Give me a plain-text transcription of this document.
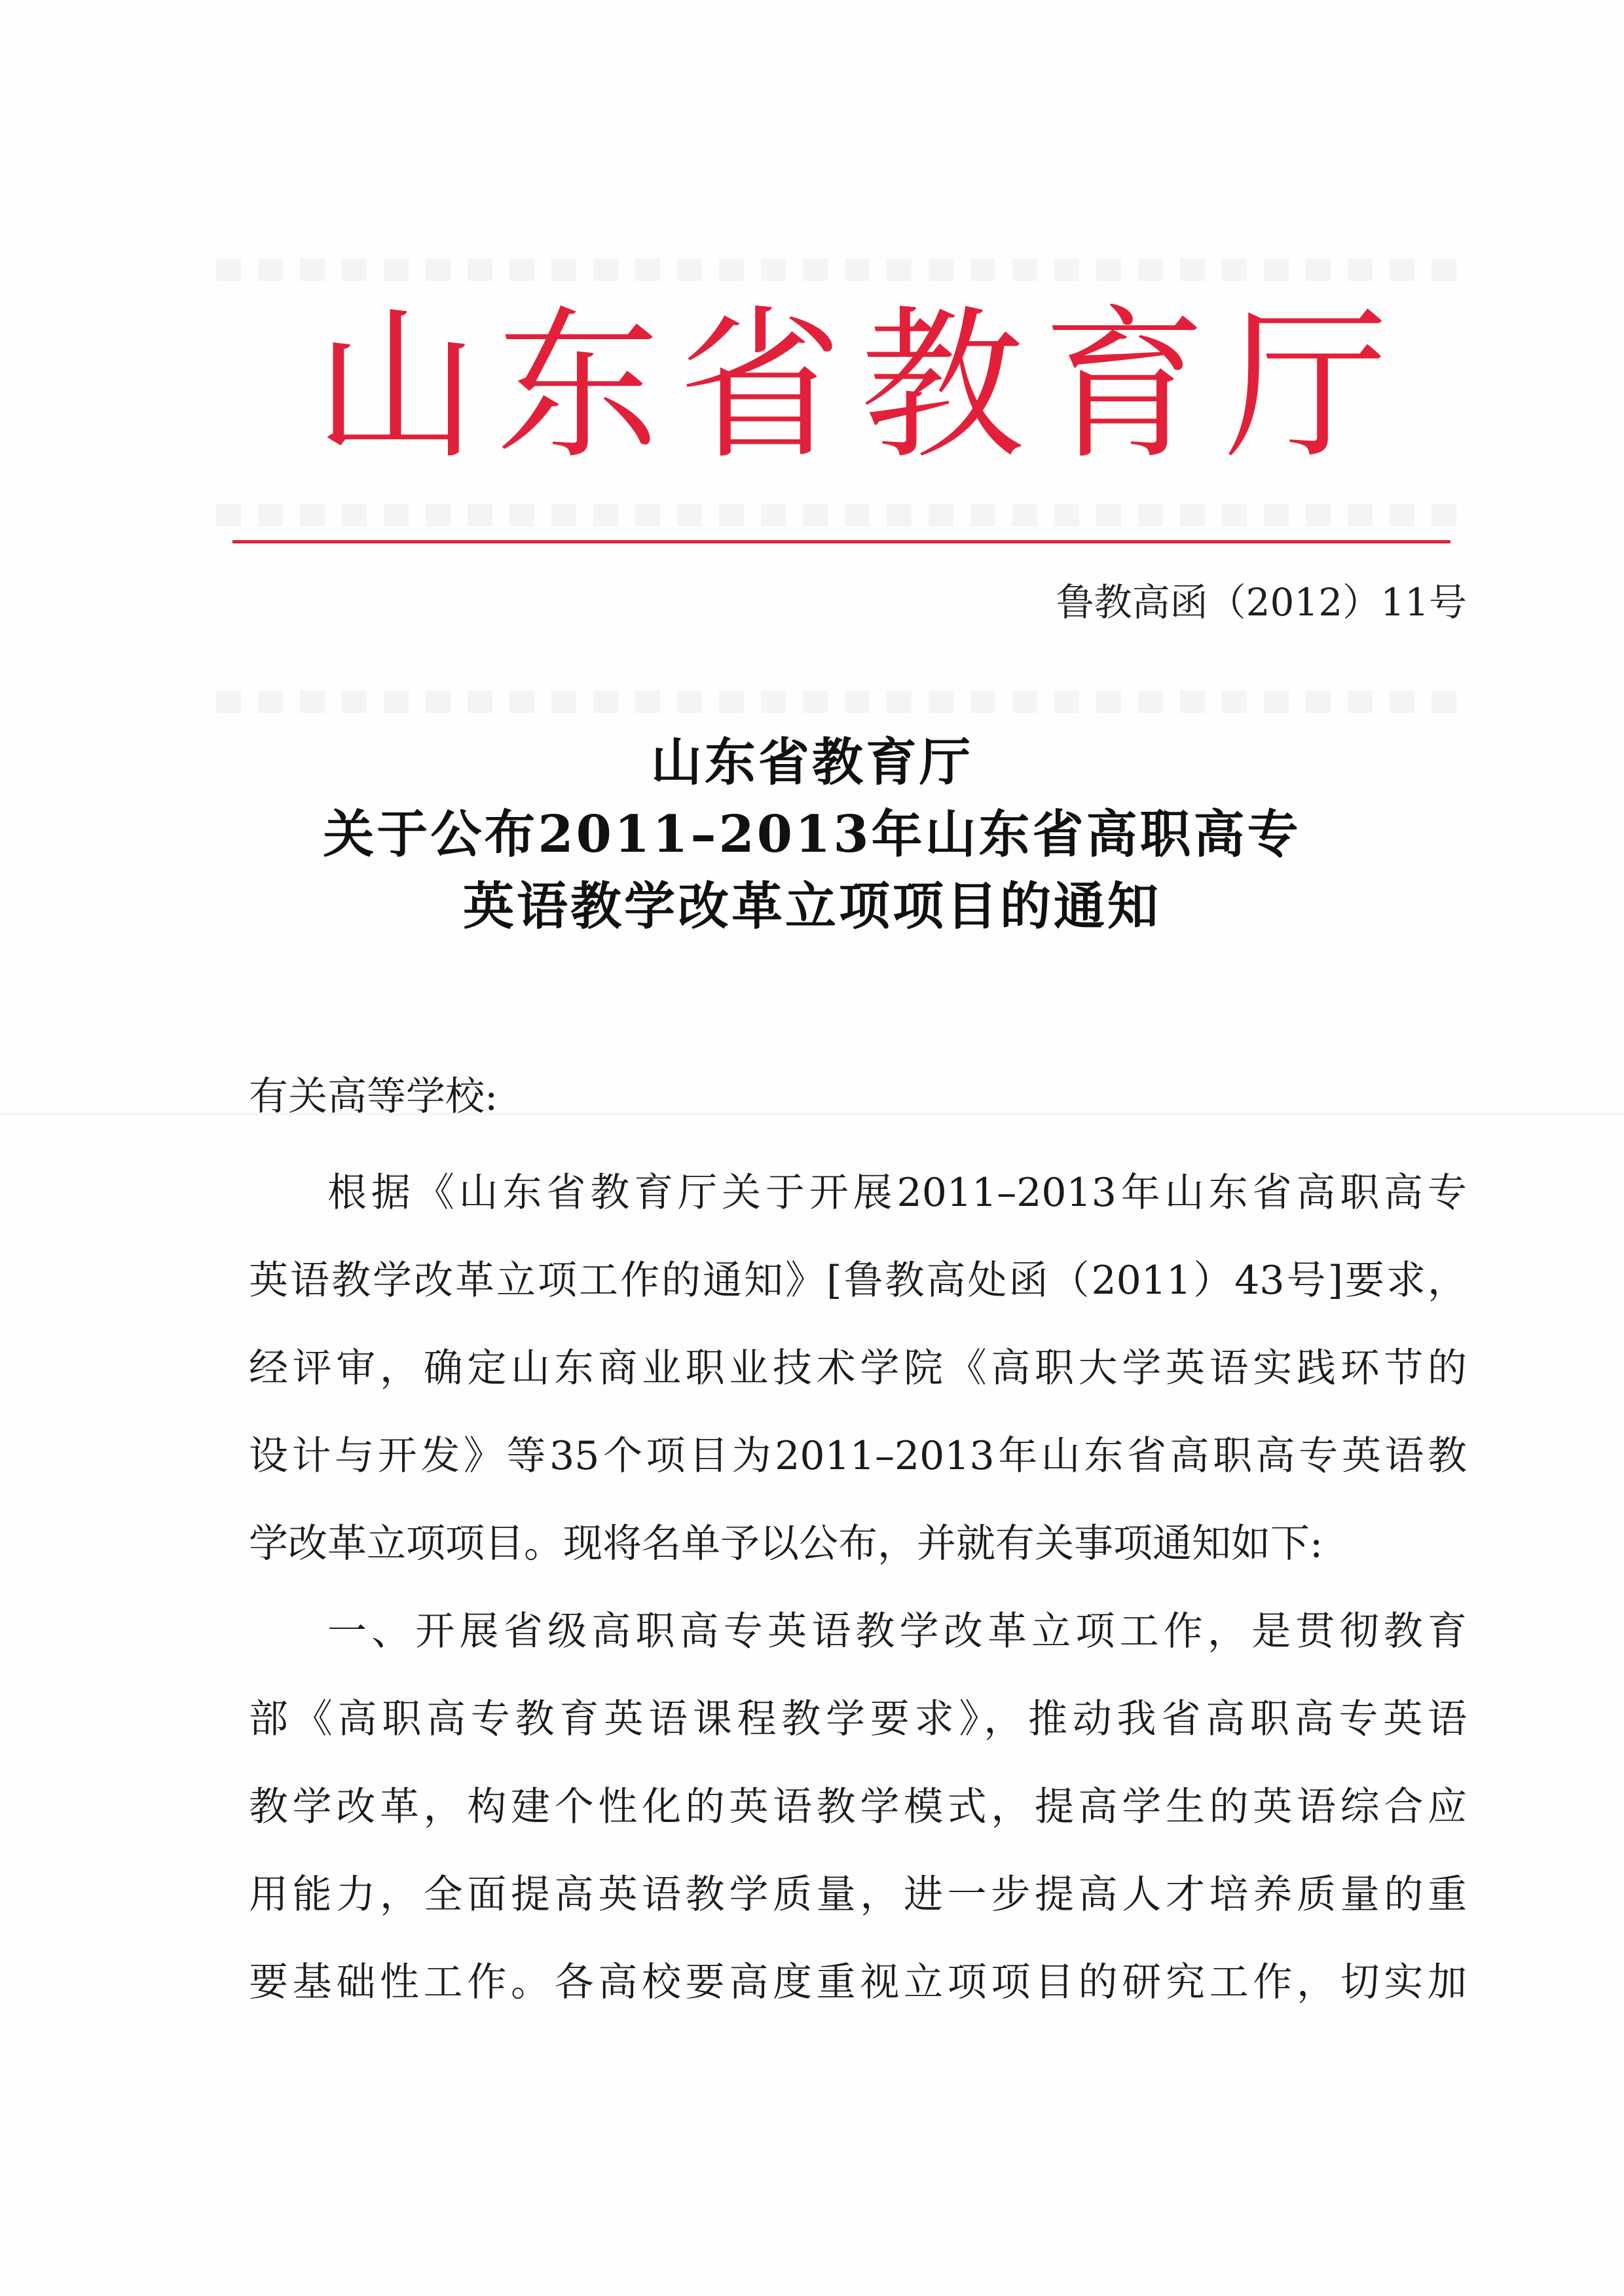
山东省教育厅
鲁教高函（2012）11号
山东省教育厅
关于公布2011–2013年山东省高职高专
英语教学改革立项项目的通知
有关高等学校:
根据《山东省教育厅关于开展2011–2013年山东省高职高专
英语教学改革立项工作的通知》[鲁教高处函（2011）43号]要求，
经评审，确定山东商业职业技术学院《高职大学英语实践环节的
设计与开发》等35个项目为2011–2013年山东省高职高专英语教
学改革立项项目。现将名单予以公布，并就有关事项通知如下:
一、开展省级高职高专英语教学改革立项工作，是贯彻教育
部《高职高专教育英语课程教学要求》，推动我省高职高专英语
教学改革，构建个性化的英语教学模式，提高学生的英语综合应
用能力，全面提高英语教学质量，进一步提高人才培养质量的重
要基础性工作。各高校要高度重视立项项目的研究工作，切实加
